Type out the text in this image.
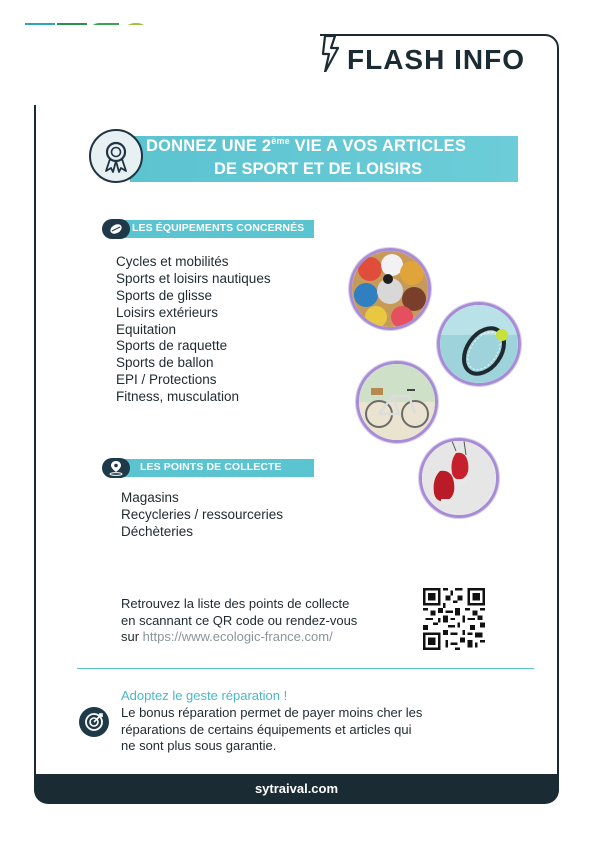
FLASH INFO
DONNEZ UNE 2ème VIE A VOS ARTICLES
DE SPORT ET DE LOISIRS
LES ÉQUIPEMENTS CONCERNÉS
Cycles et mobilités
Sports et loisirs nautiques
Sports de glisse
Loisirs extérieurs
Equitation
Sports de raquette
Sports de ballon
EPI / Protections
Fitness, musculation
LES POINTS DE COLLECTE
Magasins
Recycleries / ressourceries
Déchèteries
Retrouvez la liste des points de collecte
en scannant ce QR code ou rendez-vous
sur https://www.ecologic-france.com/
Adoptez le geste réparation !
Le bonus réparation permet de payer moins cher les
réparations de certains équipements et articles qui
ne sont plus sous garantie.
sytraival.com
